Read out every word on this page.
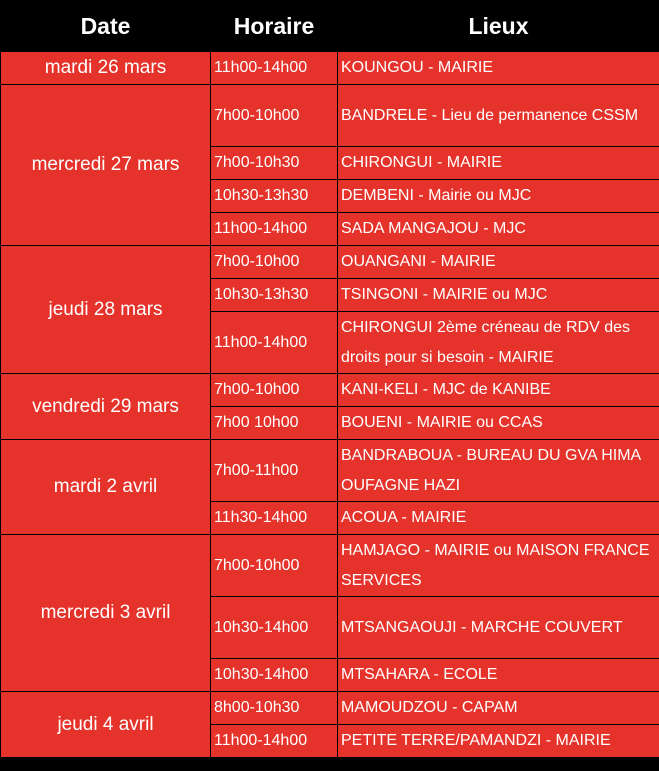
Date	Horaire	Lieux
mardi 26 mars	11h00-14h00	KOUNGOU - MAIRIE
mercredi 27 mars	7h00-10h00	BANDRELE - Lieu de permanence CSSM
	7h00-10h30	CHIRONGUI - MAIRIE
	10h30-13h30	DEMBENI - Mairie ou MJC
	11h00-14h00	SADA MANGAJOU - MJC
jeudi 28 mars	7h00-10h00	OUANGANI - MAIRIE
	10h30-13h30	TSINGONI - MAIRIE ou MJC
	11h00-14h00	CHIRONGUI 2ème créneau de RDV des droits pour si besoin - MAIRIE
vendredi 29 mars	7h00-10h00	KANI-KELI - MJC de KANIBE
	7h00 10h00	BOUENI - MAIRIE ou CCAS
mardi 2 avril	7h00-11h00	BANDRABOUA - BUREAU DU GVA HIMA OUFAGNE HAZI
	11h30-14h00	ACOUA - MAIRIE
mercredi 3 avril	7h00-10h00	HAMJAGO - MAIRIE ou MAISON FRANCE SERVICES
	10h30-14h00	MTSANGAOUJI - MARCHE COUVERT
	10h30-14h00	MTSAHARA - ECOLE
jeudi 4 avril	8h00-10h30	MAMOUDZOU - CAPAM
	11h00-14h00	PETITE TERRE/PAMANDZI - MAIRIE
